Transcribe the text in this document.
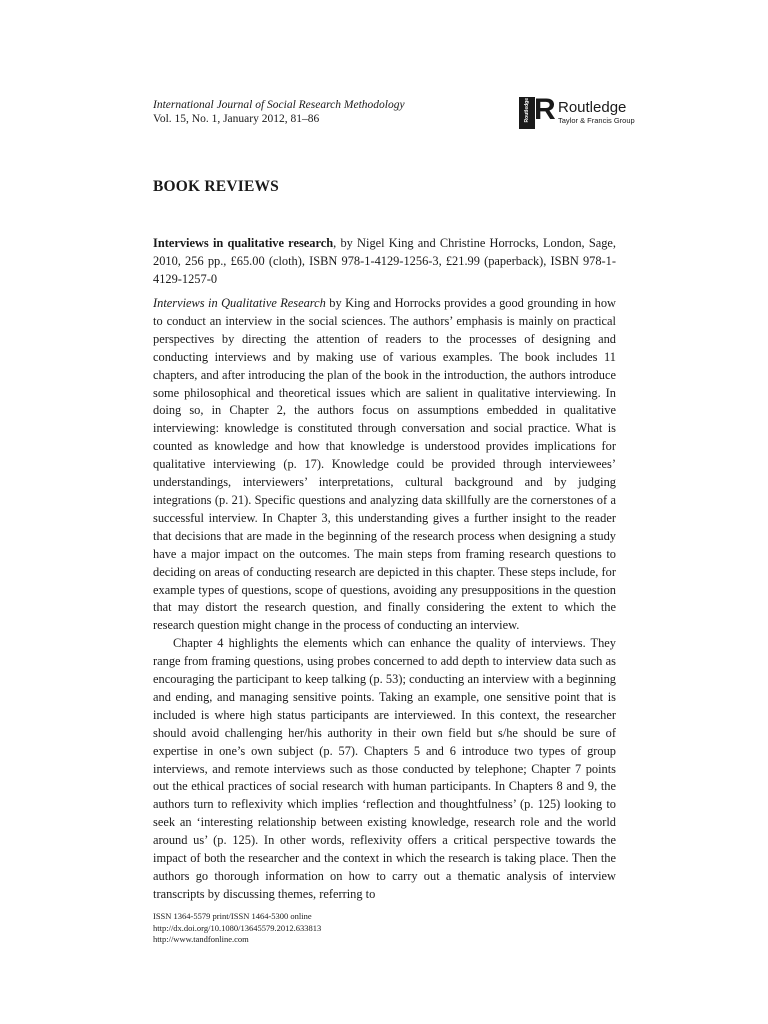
International Journal of Social Research Methodology
Vol. 15, No. 1, January 2012, 81–86	Routledge R Routledge
Taylor & Francis Group
BOOK REVIEWS
Interviews in qualitative research, by Nigel King and Christine Horrocks, London, Sage, 2010, 256 pp., £65.00 (cloth), ISBN 978-1-4129-1256-3, £21.99 (paperback), ISBN 978-1-4129-1257-0

Interviews in Qualitative Research by King and Horrocks provides a good grounding in how to conduct an interview in the social sciences. The authors’ emphasis is mainly on practical perspectives by directing the attention of readers to the processes of designing and conducting interviews and by making use of various examples. The book includes 11 chapters, and after introducing the plan of the book in the introduction, the authors introduce some philosophical and theoretical issues which are salient in qualitative interviewing. In doing so, in Chapter 2, the authors focus on assumptions embedded in qualitative interviewing: knowledge is constituted through conversation and social practice. What is counted as knowledge and how that knowledge is understood provides implications for qualitative interviewing (p. 17). Knowledge could be provided through interviewees’ understandings, interviewers’ interpretations, cultural background and by judging integrations (p. 21). Specific questions and analyzing data skillfully are the cornerstones of a successful interview. In Chapter 3, this understanding gives a further insight to the reader that decisions that are made in the beginning of the research process when designing a study have a major impact on the outcomes. The main steps from framing research questions to deciding on areas of conducting research are depicted in this chapter. These steps include, for example types of questions, scope of questions, avoiding any presuppositions in the question that may distort the research question, and finally considering the extent to which the research question might change in the process of conducting an interview.

Chapter 4 highlights the elements which can enhance the quality of interviews. They range from framing questions, using probes concerned to add depth to interview data such as encouraging the participant to keep talking (p. 53); conducting an interview with a beginning and ending, and managing sensitive points. Taking an example, one sensitive point that is included is where high status participants are interviewed. In this context, the researcher should avoid challenging her/his authority in their own field but s/he should be sure of expertise in one’s own subject (p. 57). Chapters 5 and 6 introduce two types of group interviews, and remote interviews such as those conducted by telephone; Chapter 7 points out the ethical practices of social research with human participants. In Chapters 8 and 9, the authors turn to reflexivity which implies ‘reflection and thoughtfulness’ (p. 125) looking to seek an ‘interesting relationship between existing knowledge, research role and the world around us’ (p. 125). In other words, reflexivity offers a critical perspective towards the impact of both the researcher and the context in which the research is taking place. Then the authors go thorough information on how to carry out a thematic analysis of interview transcripts by discussing themes, referring to

ISSN 1364-5579 print/ISSN 1464-5300 online
http://dx.doi.org/10.1080/13645579.2012.633813
http://www.tandfonline.com
